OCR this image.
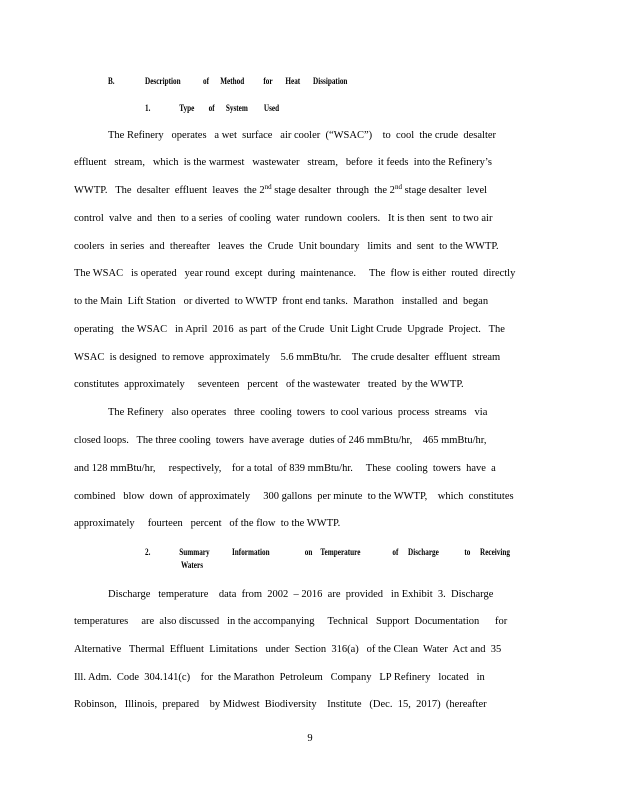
B.	Description of Method for Heat Dissipation
1.	Type of System Used
The Refinery   operates   a wet  surface   air cooler  (“WSAC”)    to  cool  the crude  desalter
effluent   stream,   which  is the warmest   wastewater   stream,   before  it feeds  into the Refinery’s
WWTP.   The  desalter  effluent  leaves  the 2nd stage desalter  through  the 2nd stage desalter  level
control  valve  and  then  to a series  of cooling  water  rundown  coolers.   It is then  sent  to two air
coolers  in series  and  thereafter   leaves  the  Crude  Unit boundary   limits  and  sent  to the WWTP.
The WSAC   is operated   year round  except  during  maintenance.     The  flow is either  routed  directly
to the Main  Lift Station   or diverted  to WWTP  front end tanks.  Marathon   installed  and  began
operating   the WSAC   in April  2016  as part  of the Crude  Unit Light Crude  Upgrade  Project.   The
WSAC  is designed  to remove  approximately    5.6 mmBtu/hr.    The crude desalter  effluent  stream
constitutes  approximately     seventeen   percent   of the wastewater   treated  by the WWTP.
The Refinery   also operates   three  cooling  towers  to cool various  process  streams   via
closed loops.   The three cooling  towers  have average  duties of 246 mmBtu/hr,    465 mmBtu/hr,
and 128 mmBtu/hr,     respectively,    for a total  of 839 mmBtu/hr.     These  cooling  towers  have  a
combined   blow  down  of approximately     300 gallons  per minute  to the WWTP,    which  constitutes
approximately     fourteen   percent   of the flow  to the WWTP.
2.	Summary Information	on Temperature	of Discharge	to Receiving
Waters
Discharge   temperature    data  from  2002  – 2016  are  provided   in Exhibit  3.  Discharge
temperatures     are  also discussed   in the accompanying     Technical   Support  Documentation      for
Alternative   Thermal  Effluent  Limitations   under  Section  316(a)   of the Clean  Water  Act and  35
Ill. Adm.  Code  304.141(c)    for  the Marathon  Petroleum   Company   LP Refinery   located   in
Robinson,   Illinois,  prepared    by Midwest  Biodiversity    Institute   (Dec.  15,  2017)  (hereafter
9
